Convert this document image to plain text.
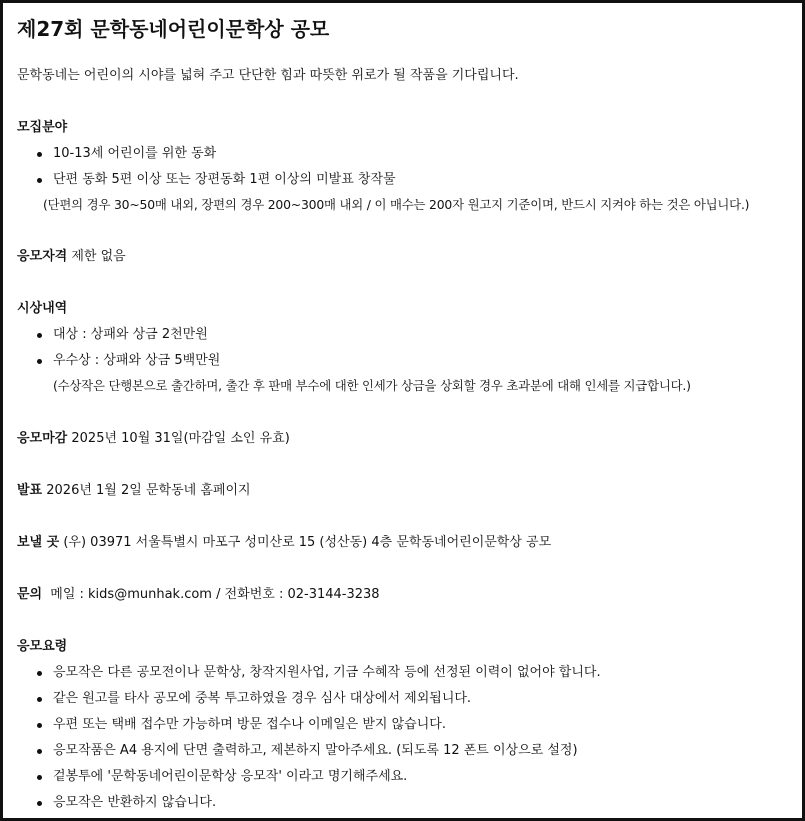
제27회 문학동네어린이문학상 공모
문학동네는 어린이의 시야를 넓혀 주고 단단한 힘과 따뜻한 위로가 될 작품을 기다립니다.
모집분야
10-13세 어린이를 위한 동화
단편 동화 5편 이상 또는 장편동화 1편 이상의 미발표 창작물
(단편의 경우 30~50매 내외, 장편의 경우 200~300매 내외 / 이 매수는 200자 원고지 기준이며, 반드시 지켜야 하는 것은 아닙니다.)
응모자격 제한 없음
시상내역
대상 : 상패와 상금 2천만원
우수상 : 상패와 상금 5백만원
(수상작은 단행본으로 출간하며, 출간 후 판매 부수에 대한 인세가 상금을 상회할 경우 초과분에 대해 인세를 지급합니다.)
응모마감 2025년 10월 31일(마감일 소인 유효)
발표 2026년 1월 2일 문학동네 홈페이지
보낼 곳 (우) 03971 서울특별시 마포구 성미산로 15 (성산동) 4층 문학동네어린이문학상 공모
문의 메일 : kids@munhak.com / 전화번호 : 02-3144-3238
응모요령
응모작은 다른 공모전이나 문학상, 창작지원사업, 기금 수혜작 등에 선정된 이력이 없어야 합니다.
같은 원고를 타사 공모에 중복 투고하였을 경우 심사 대상에서 제외됩니다.
우편 또는 택배 접수만 가능하며 방문 접수나 이메일은 받지 않습니다.
응모작품은 A4 용지에 단면 출력하고, 제본하지 말아주세요. (되도록 12 폰트 이상으로 설정)
겉봉투에 '문학동네어린이문학상 응모작' 이라고 명기해주세요.
응모작은 반환하지 않습니다.
